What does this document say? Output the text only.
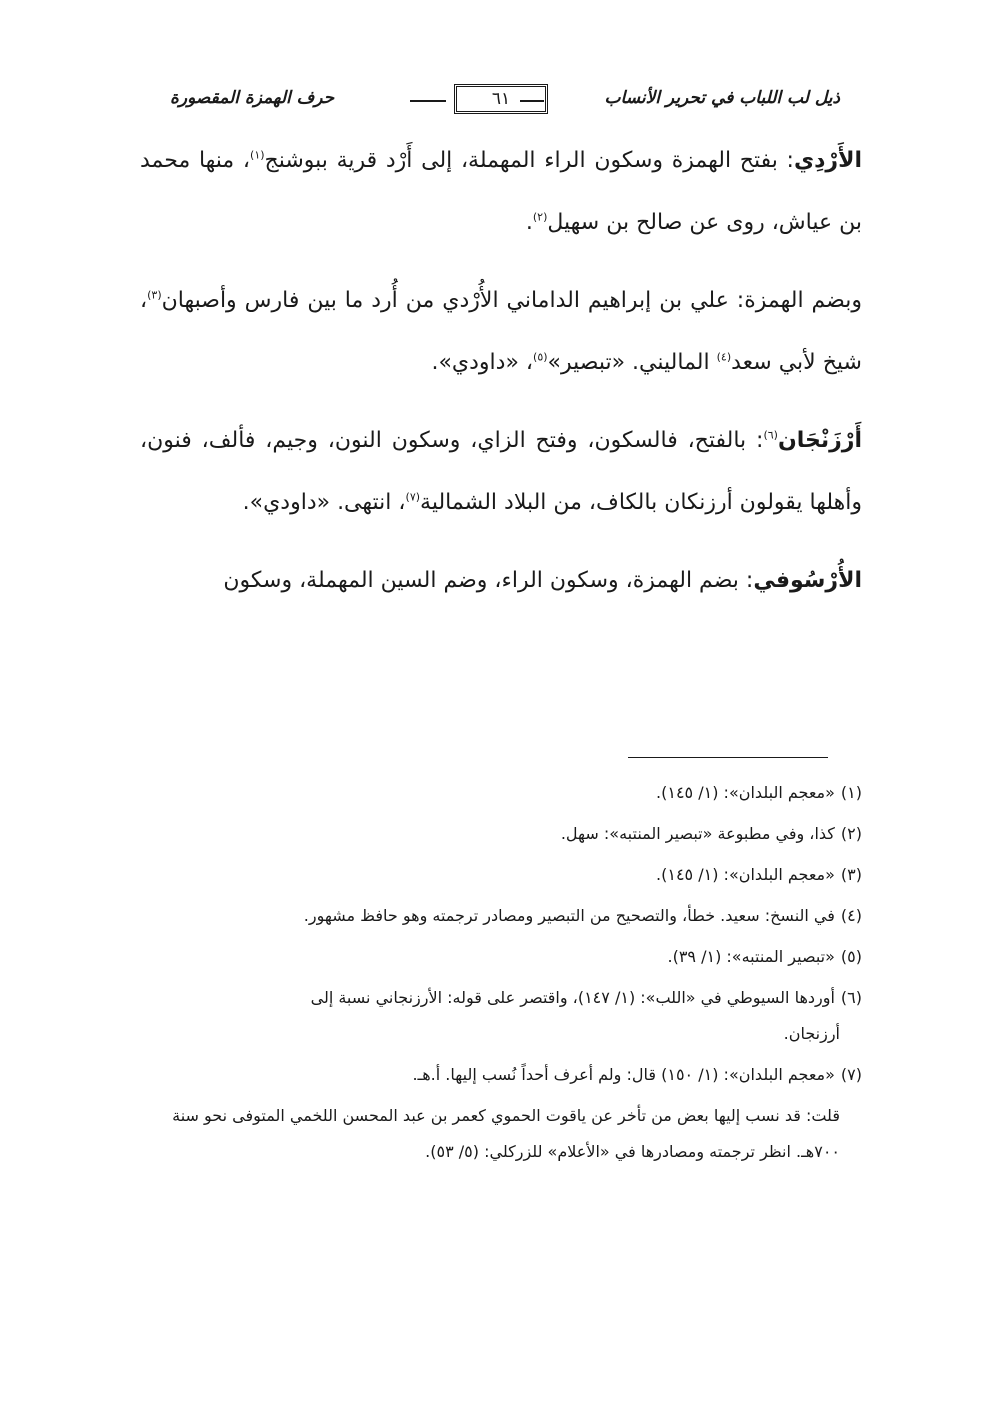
ذيل لب اللباب في تحرير الأنساب
٦١
حرف الهمزة المقصورة

الأَرْدِي: بفتح الهمزة وسكون الراء المهملة، إلى أَرْد قرية ببوشنج$^{(١)}$، منها محمد بن عياش، روى عن صالح بن سهيل$^{(٢)}$.

وبضم الهمزة: علي بن إبراهيم الداماني الأُرْدي من أُرد ما بين فارس وأصبهان$^{(٣)}$، شيخ لأبي سعد$^{(٤)}$ الماليني. «تبصير»$^{(٥)}$، «داودي».

أَرْزَنْجَان$^{(٦)}$: بالفتح، فالسكون، وفتح الزاي، وسكون النون، وجيم، فألف، فنون، وأهلها يقولون أرزنكان بالكاف، من البلاد الشمالية$^{(٧)}$، انتهى. «داودي».

الأُرْسُوفي: بضم الهمزة، وسكون الراء، وضم السين المهملة، وسكون

(١)«معجم البلدان»: (١/ ١٤٥).

(٢)كذا، وفي مطبوعة «تبصير المنتبه»: سهل.

(٣)«معجم البلدان»: (١/ ١٤٥).

(٤)في النسخ: سعيد. خطأ، والتصحيح من التبصير ومصادر ترجمته وهو حافظ مشهور.

(٥)«تبصير المنتبه»: (١/ ٣٩).

(٦)أوردها السيوطي في «اللب»: (١/ ١٤٧)، واقتصر على قوله: الأرزنجاني نسبة إلى
أرزنجان.

(٧)«معجم البلدان»: (١/ ١٥٠) قال: ولم أعرف أحداً نُسب إليها. أ.هـ.

قلت: قد نسب إليها بعض من تأخر عن ياقوت الحموي كعمر بن عبد المحسن اللخمي المتوفى نحو سنة ٧٠٠هـ. انظر ترجمته ومصادرها في «الأعلام» للزركلي: (٥/ ٥٣).
